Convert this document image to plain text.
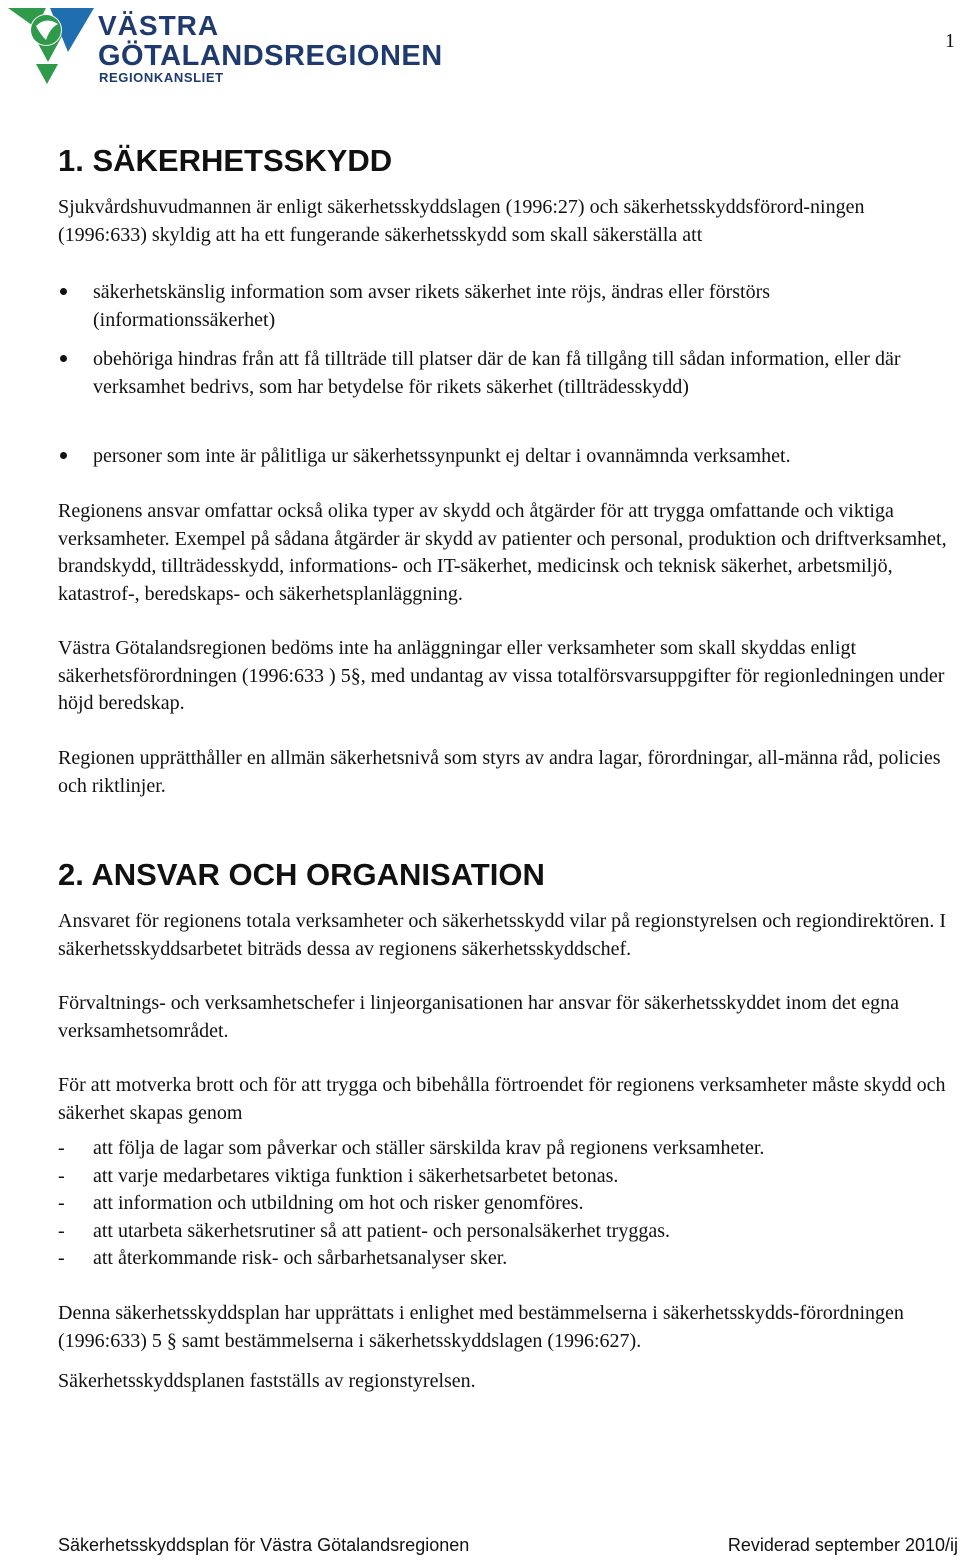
VÄSTRA
GÖTALANDSREGIONEN
REGIONKANSLIET
1
1. SÄKERHETSSKYDD
Sjukvårdshuvudmannen är enligt säkerhetsskyddslagen (1996:27) och säkerhetsskyddsförord-ningen (1996:633) skyldig att ha ett fungerande säkerhetsskydd som skall säkerställa att
säkerhetskänslig information som avser rikets säkerhet inte röjs, ändras eller förstörs (informationssäkerhet)
obehöriga hindras från att få tillträde till platser där de kan få tillgång till sådan information, eller där verksamhet bedrivs, som har betydelse för rikets säkerhet (tillträdesskydd)
personer som inte är pålitliga ur säkerhetssynpunkt ej deltar i ovannämnda verksamhet.
Regionens ansvar omfattar också olika typer av skydd och åtgärder för att trygga omfattande och viktiga verksamheter. Exempel på sådana åtgärder är skydd av patienter och personal, produktion och driftverksamhet, brandskydd, tillträdesskydd, informations- och IT-säkerhet, medicinsk och teknisk säkerhet, arbetsmiljö, katastrof-, beredskaps- och säkerhetsplanläggning.
Västra Götalandsregionen bedöms inte ha anläggningar eller verksamheter som skall skyddas enligt säkerhetsförordningen (1996:633 ) 5§, med undantag av vissa totalförsvarsuppgifter för regionledningen under höjd beredskap.
Regionen upprätthåller en allmän säkerhetsnivå som styrs av andra lagar, förordningar, all-männa råd, policies och riktlinjer.
2. ANSVAR OCH ORGANISATION
Ansvaret för regionens totala verksamheter och säkerhetsskydd vilar på regionstyrelsen och regiondirektören. I säkerhetsskyddsarbetet biträds dessa av regionens säkerhetsskyddschef.
Förvaltnings- och verksamhetschefer i linjeorganisationen har ansvar för säkerhetsskyddet inom det egna verksamhetsområdet.
För att motverka brott och för att trygga och bibehålla förtroendet för regionens verksamheter måste skydd och säkerhet skapas genom
- att följa de lagar som påverkar och ställer särskilda krav på regionens verksamheter.
- att varje medarbetares viktiga funktion i säkerhetsarbetet betonas.
- att information och utbildning om hot och risker genomföres.
- att utarbeta säkerhetsrutiner så att patient- och personalsäkerhet tryggas.
- att återkommande risk- och sårbarhetsanalyser sker.
Denna säkerhetsskyddsplan har upprättats i enlighet med bestämmelserna i säkerhetsskydds-förordningen (1996:633) 5 § samt bestämmelserna i säkerhetsskyddslagen (1996:627).
Säkerhetsskyddsplanen fastställs av regionstyrelsen.
Säkerhetsskyddsplan för Västra Götalandsregionen	Reviderad september 2010/ij
